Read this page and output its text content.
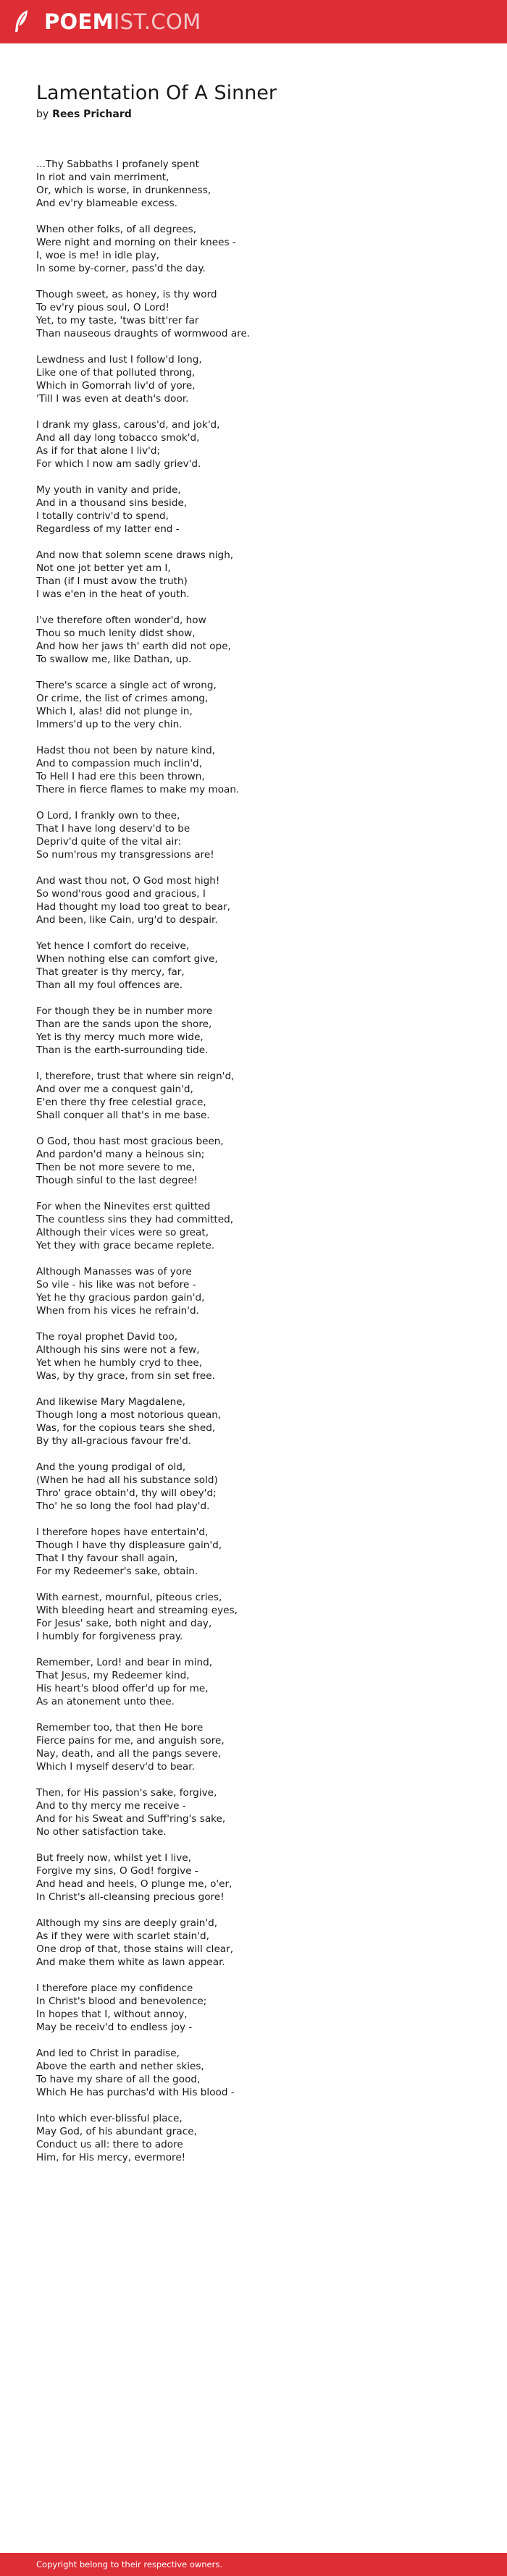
POEMIST.COM
Lamentation Of A Sinner
by Rees Prichard
...Thy Sabbaths I profanely spent
In riot and vain merriment,
Or, which is worse, in drunkenness,
And ev'ry blameable excess.
When other folks, of all degrees,
Were night and morning on their knees -
I, woe is me! in idle play,
In some by-corner, pass'd the day.
Though sweet, as honey, is thy word
To ev'ry pious soul, O Lord!
Yet, to my taste, 'twas bitt'rer far
Than nauseous draughts of wormwood are.
Lewdness and lust I follow'd long,
Like one of that polluted throng,
Which in Gomorrah liv'd of yore,
'Till I was even at death's door.
I drank my glass, carous'd, and jok'd,
And all day long tobacco smok'd,
As if for that alone I liv'd;
For which I now am sadly griev'd.
My youth in vanity and pride,
And in a thousand sins beside,
I totally contriv'd to spend,
Regardless of my latter end -
And now that solemn scene draws nigh,
Not one jot better yet am I,
Than (if I must avow the truth)
I was e'en in the heat of youth.
I've therefore often wonder'd, how
Thou so much lenity didst show,
And how her jaws th' earth did not ope,
To swallow me, like Dathan, up.
There's scarce a single act of wrong,
Or crime, the list of crimes among,
Which I, alas! did not plunge in,
Immers'd up to the very chin.
Hadst thou not been by nature kind,
And to compassion much inclin'd,
To Hell I had ere this been thrown,
There in fierce flames to make my moan.
O Lord, I frankly own to thee,
That I have long deserv'd to be
Depriv'd quite of the vital air:
So num'rous my transgressions are!
And wast thou not, O God most high!
So wond'rous good and gracious, I
Had thought my load too great to bear,
And been, like Cain, urg'd to despair.
Yet hence I comfort do receive,
When nothing else can comfort give,
That greater is thy mercy, far,
Than all my foul offences are.
For though they be in number more
Than are the sands upon the shore,
Yet is thy mercy much more wide,
Than is the earth-surrounding tide.
I, therefore, trust that where sin reign'd,
And over me a conquest gain'd,
E'en there thy free celestial grace,
Shall conquer all that's in me base.
O God, thou hast most gracious been,
And pardon'd many a heinous sin;
Then be not more severe to me,
Though sinful to the last degree!
For when the Ninevites erst quitted
The countless sins they had committed,
Although their vices were so great,
Yet they with grace became replete.
Although Manasses was of yore
So vile - his like was not before -
Yet he thy gracious pardon gain'd,
When from his vices he refrain'd.
The royal prophet David too,
Although his sins were not a few,
Yet when he humbly cryd to thee,
Was, by thy grace, from sin set free.
And likewise Mary Magdalene,
Though long a most notorious quean,
Was, for the copious tears she shed,
By thy all-gracious favour fre'd.
And the young prodigal of old,
(When he had all his substance sold)
Thro' grace obtain'd, thy will obey'd;
Tho' he so long the fool had play'd.
I therefore hopes have entertain'd,
Though I have thy displeasure gain'd,
That I thy favour shall again,
For my Redeemer's sake, obtain.
With earnest, mournful, piteous cries,
With bleeding heart and streaming eyes,
For Jesus' sake, both night and day,
I humbly for forgiveness pray.
Remember, Lord! and bear in mind,
That Jesus, my Redeemer kind,
His heart's blood offer'd up for me,
As an atonement unto thee.
Remember too, that then He bore
Fierce pains for me, and anguish sore,
Nay, death, and all the pangs severe,
Which I myself deserv'd to bear.
Then, for His passion's sake, forgive,
And to thy mercy me receive -
And for his Sweat and Suff'ring's sake,
No other satisfaction take.
But freely now, whilst yet I live,
Forgive my sins, O God! forgive -
And head and heels, O plunge me, o'er,
In Christ's all-cleansing precious gore!
Although my sins are deeply grain'd,
As if they were with scarlet stain'd,
One drop of that, those stains will clear,
And make them white as lawn appear.
I therefore place my confidence
In Christ's blood and benevolence;
In hopes that I, without annoy,
May be receiv'd to endless joy -
And led to Christ in paradise,
Above the earth and nether skies,
To have my share of all the good,
Which He has purchas'd with His blood -
Into which ever-blissful place,
May God, of his abundant grace,
Conduct us all: there to adore
Him, for His mercy, evermore!
Copyright belong to their respective owners.
